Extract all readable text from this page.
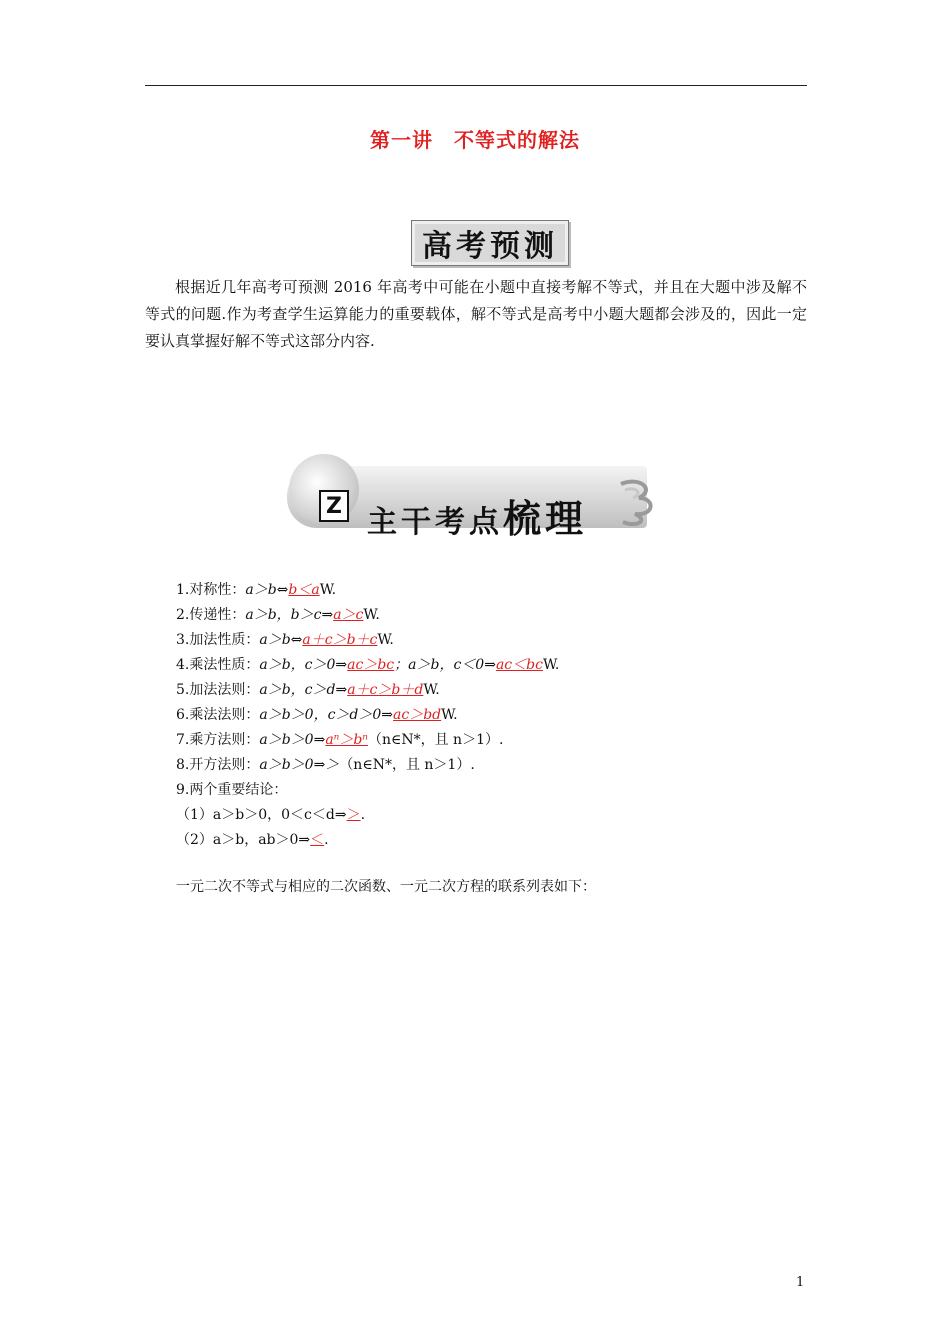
第一讲　不等式的解法
高考预测
根据近几年高考可预测 2016 年高考中可能在小题中直接考解不等式，并且在大题中涉及解不等式的问题.作为考查学生运算能力的重要载体，解不等式是高考中小题大题都会涉及的，因此一定要认真掌握好解不等式这部分内容.
Z 主干考点梳理
1.对称性：a＞b⇔b＜aW.
2.传递性：a＞b，b＞c⇒a＞cW.
3.加法性质：a＞b⇔a＋c＞b＋cW.
4.乘法性质：a＞b，c＞0⇒ac＞bc；a＞b，c＜0⇒ac＜bcW.
5.加法法则：a＞b，c＞d⇒a＋c＞b＋dW.
6.乘法法则：a＞b＞0，c＞d＞0⇒ac＞bdW.
7.乘方法则：a＞b＞0⇒aⁿ＞bⁿ（n∈N*，且 n＞1）.
8.开方法则：a＞b＞0⇒＞（n∈N*，且 n＞1）.
9.两个重要结论：
（1）a＞b＞0，0＜c＜d⇒＞.
（2）a＞b，ab＞0⇒＜.
一元二次不等式与相应的二次函数、一元二次方程的联系列表如下：
1
